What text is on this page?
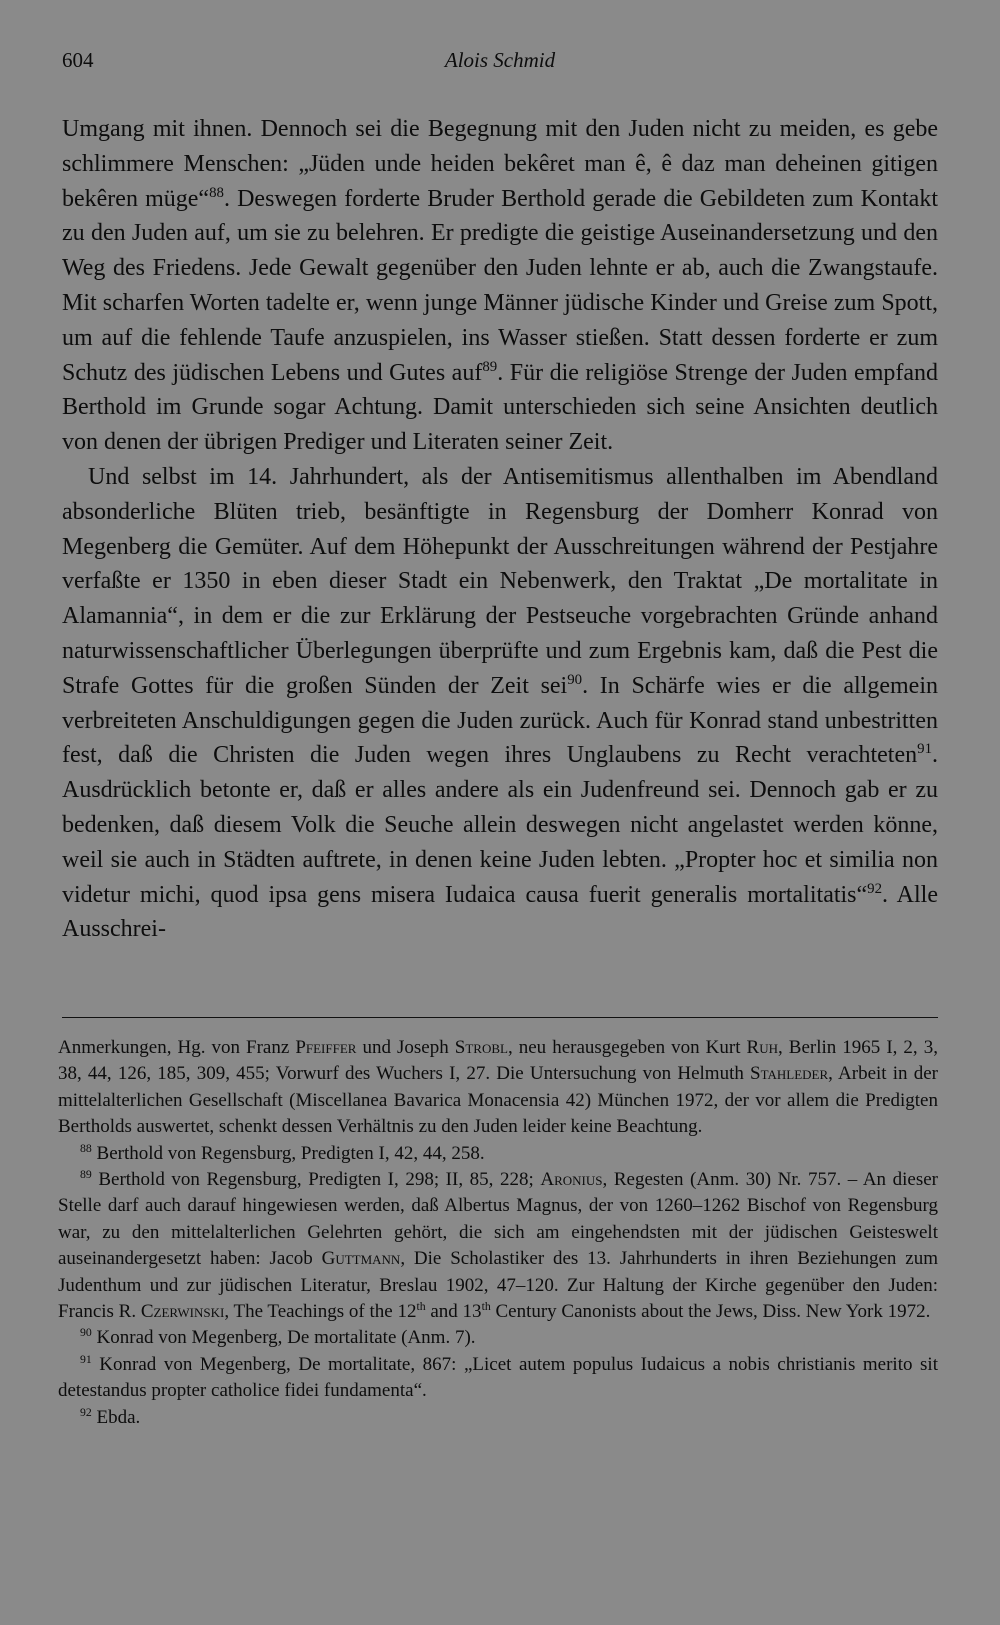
604	Alois Schmid

Umgang mit ihnen. Dennoch sei die Begegnung mit den Juden nicht zu meiden, es gebe schlimmere Menschen: „Jüden unde heiden bekêret man ê, ê daz man deheinen gitigen bekêren müge“$^{88}$. Deswegen forderte Bruder Berthold gerade die Gebildeten zum Kontakt zu den Juden auf, um sie zu belehren. Er predigte die geistige Auseinandersetzung und den Weg des Friedens. Jede Gewalt gegenüber den Juden lehnte er ab, auch die Zwangstaufe. Mit scharfen Worten tadelte er, wenn junge Männer jüdische Kinder und Greise zum Spott, um auf die fehlende Taufe anzuspielen, ins Wasser stießen. Statt dessen forderte er zum Schutz des jüdischen Lebens und Gutes auf$^{89}$. Für die religiöse Strenge der Juden empfand Berthold im Grunde sogar Achtung. Damit unterschieden sich seine Ansichten deutlich von denen der übrigen Prediger und Literaten seiner Zeit.

Und selbst im 14. Jahrhundert, als der Antisemitismus allenthalben im Abendland absonderliche Blüten trieb, besänftigte in Regensburg der Domherr Konrad von Megenberg die Gemüter. Auf dem Höhepunkt der Ausschreitungen während der Pestjahre verfaßte er 1350 in eben dieser Stadt ein Nebenwerk, den Traktat „De mortalitate in Alamannia“, in dem er die zur Erklärung der Pestseuche vorgebrachten Gründe anhand naturwissenschaftlicher Überlegungen überprüfte und zum Ergebnis kam, daß die Pest die Strafe Gottes für die großen Sünden der Zeit sei$^{90}$. In Schärfe wies er die allgemein verbreiteten Anschuldigungen gegen die Juden zurück. Auch für Konrad stand unbestritten fest, daß die Christen die Juden wegen ihres Unglaubens zu Recht verachteten$^{91}$. Ausdrücklich betonte er, daß er alles andere als ein Judenfreund sei. Dennoch gab er zu bedenken, daß diesem Volk die Seuche allein deswegen nicht angelastet werden könne, weil sie auch in Städten auftrete, in denen keine Juden lebten. „Propter hoc et similia non videtur michi, quod ipsa gens misera Iudaica causa fuerit generalis mortalitatis“$^{92}$. Alle Ausschrei-

Anmerkungen, Hg. von Franz Pfeiffer und Joseph Strobl, neu herausgegeben von Kurt Ruh, Berlin 1965 I, 2, 3, 38, 44, 126, 185, 309, 455; Vorwurf des Wuchers I, 27. Die Untersuchung von Helmuth Stahleder, Arbeit in der mittelalterlichen Gesellschaft (Miscellanea Bavarica Monacensia 42) München 1972, der vor allem die Predigten Bertholds auswertet, schenkt dessen Verhältnis zu den Juden leider keine Beachtung.

$^{88}$ Berthold von Regensburg, Predigten I, 42, 44, 258.

$^{89}$ Berthold von Regensburg, Predigten I, 298; II, 85, 228; Aronius, Regesten (Anm. 30) Nr. 757. – An dieser Stelle darf auch darauf hingewiesen werden, daß Albertus Magnus, der von 1260–1262 Bischof von Regensburg war, zu den mittelalterlichen Gelehrten gehört, die sich am eingehendsten mit der jüdischen Geisteswelt auseinandergesetzt haben: Jacob Guttmann, Die Scholastiker des 13. Jahrhunderts in ihren Beziehungen zum Judenthum und zur jüdischen Literatur, Breslau 1902, 47–120. Zur Haltung der Kirche gegenüber den Juden: Francis R. Czerwinski, The Teachings of the 12th and 13th Century Canonists about the Jews, Diss. New York 1972.

$^{90}$ Konrad von Megenberg, De mortalitate (Anm. 7).

$^{91}$ Konrad von Megenberg, De mortalitate, 867: „Licet autem populus Iudaicus a nobis christianis merito sit detestandus propter catholice fidei fundamenta“.

$^{92}$ Ebda.
